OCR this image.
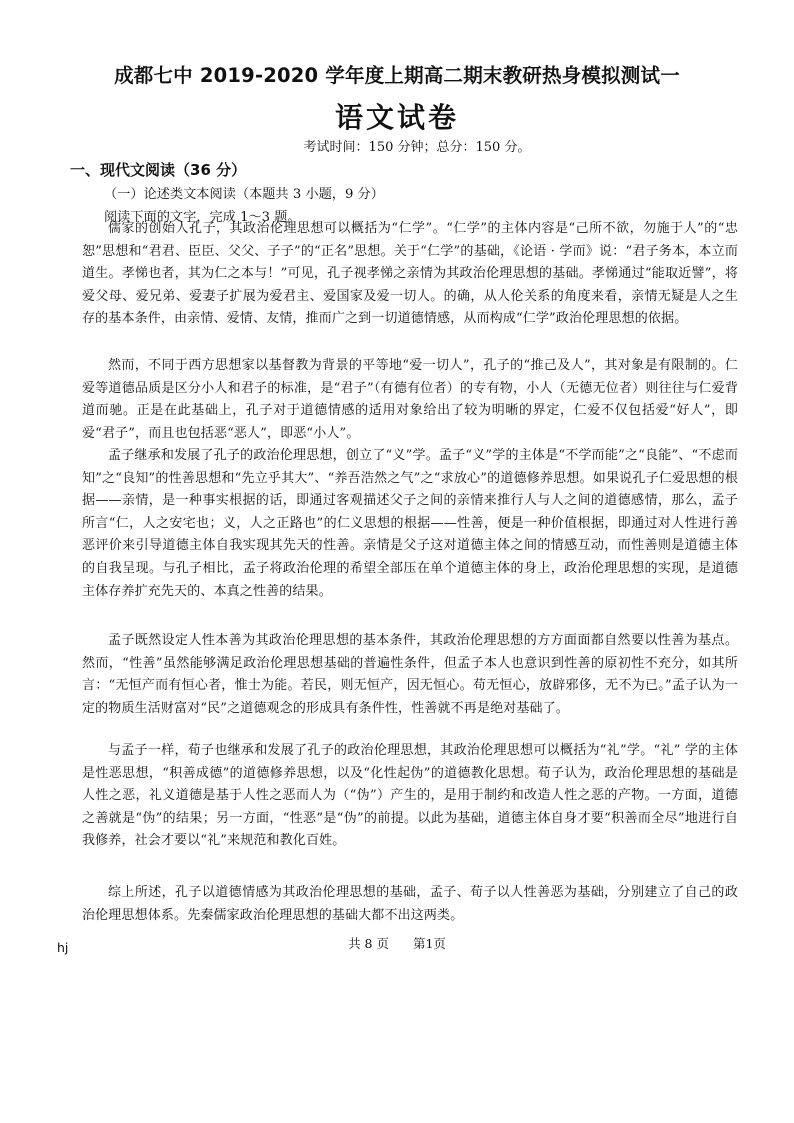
成都七中 2019-2020 学年度上期高二期末教研热身模拟测试一
语文试卷
考试时间：150 分钟；总分：150 分。
一、现代文阅读（36 分）
（一）论述类文本阅读（本题共 3 小题，9 分）
阅读下面的文字，完成 1～3 题。

儒家的创始人孔子，其政治伦理思想可以概括为“仁学”。“仁学”的主体内容是“己所不欲，勿施于人”的“忠恕”思想和“君君、臣臣、父父、子子”的“正名”思想。关于“仁学”的基础，《论语 · 学而》说：“君子务本，本立而道生。孝悌也者，其为仁之本与！”可见，孔子视孝悌之亲情为其政治伦理思想的基础。孝悌通过“能取近譬”，将爱父母、爱兄弟、爱妻子扩展为爱君主、爱国家及爱一切人。的确，从人伦关系的角度来看，亲情无疑是人之生存的基本条件，由亲情、爱情、友情，推而广之到一切道德情感，从而构成“仁学”政治伦理思想的依据。

然而，不同于西方思想家以基督教为背景的平等地“爱一切人”，孔子的“推己及人”，其对象是有限制的。仁爱等道德品质是区分小人和君子的标准，是“君子”（有德有位者）的专有物，小人（无德无位者）则往往与仁爱背道而驰。正是在此基础上，孔子对于道德情感的适用对象给出了较为明晰的界定，仁爱不仅包括爱“好人”，即爱“君子”，而且也包括恶“恶人”，即恶“小人”。

孟子继承和发展了孔子的政治伦理思想，创立了“义”学。孟子“义”学的主体是“不学而能”之“良能”、“不虑而知”之“良知”的性善思想和“先立乎其大”、“养吾浩然之气”之“求放心”的道德修养思想。如果说孔子仁爱思想的根据——亲情，是一种事实根据的话，即通过客观描述父子之间的亲情来推行人与人之间的道德感情，那么，孟子所言“仁，人之安宅也；义，人之正路也”的仁义思想的根据——性善，便是一种价值根据，即通过对人性进行善恶评价来引导道德主体自我实现其先天的性善。亲情是父子这对道德主体之间的情感互动，而性善则是道德主体的自我呈现。与孔子相比，孟子将政治伦理的希望全部压在单个道德主体的身上，政治伦理思想的实现，是道德主体存养扩充先天的、本真之性善的结果。

孟子既然设定人性本善为其政治伦理思想的基本条件，其政治伦理思想的方方面面都自然要以性善为基点。然而，“性善”虽然能够满足政治伦理思想基础的普遍性条件，但孟子本人也意识到性善的原初性不充分，如其所言：“无恒产而有恒心者，惟士为能。若民，则无恒产，因无恒心。苟无恒心，放辟邪侈，无不为已。”孟子认为一定的物质生活财富对“民”之道德观念的形成具有条件性，性善就不再是绝对基础了。

与孟子一样，荀子也继承和发展了孔子的政治伦理思想，其政治伦理思想可以概括为“礼”学。“礼” 学的主体是性恶思想，“积善成德”的道德修养思想，以及“化性起伪”的道德教化思想。荀子认为，政治伦理思想的基础是人性之恶，礼义道德是基于人性之恶而人为（“伪”）产生的，是用于制约和改造人性之恶的产物。一方面，道德之善就是“伪”的结果；另一方面，“性恶”是“伪”的前提。以此为基础，道德主体自身才要“积善而全尽”地进行自我修养，社会才要以“礼”来规范和教化百姓。

综上所述，孔子以道德情感为其政治伦理思想的基础，孟子、荀子以人性善恶为基础，分别建立了自己的政治伦理思想体系。先秦儒家政治伦理思想的基础大都不出这两类。

共 8 页 第1页
hj
